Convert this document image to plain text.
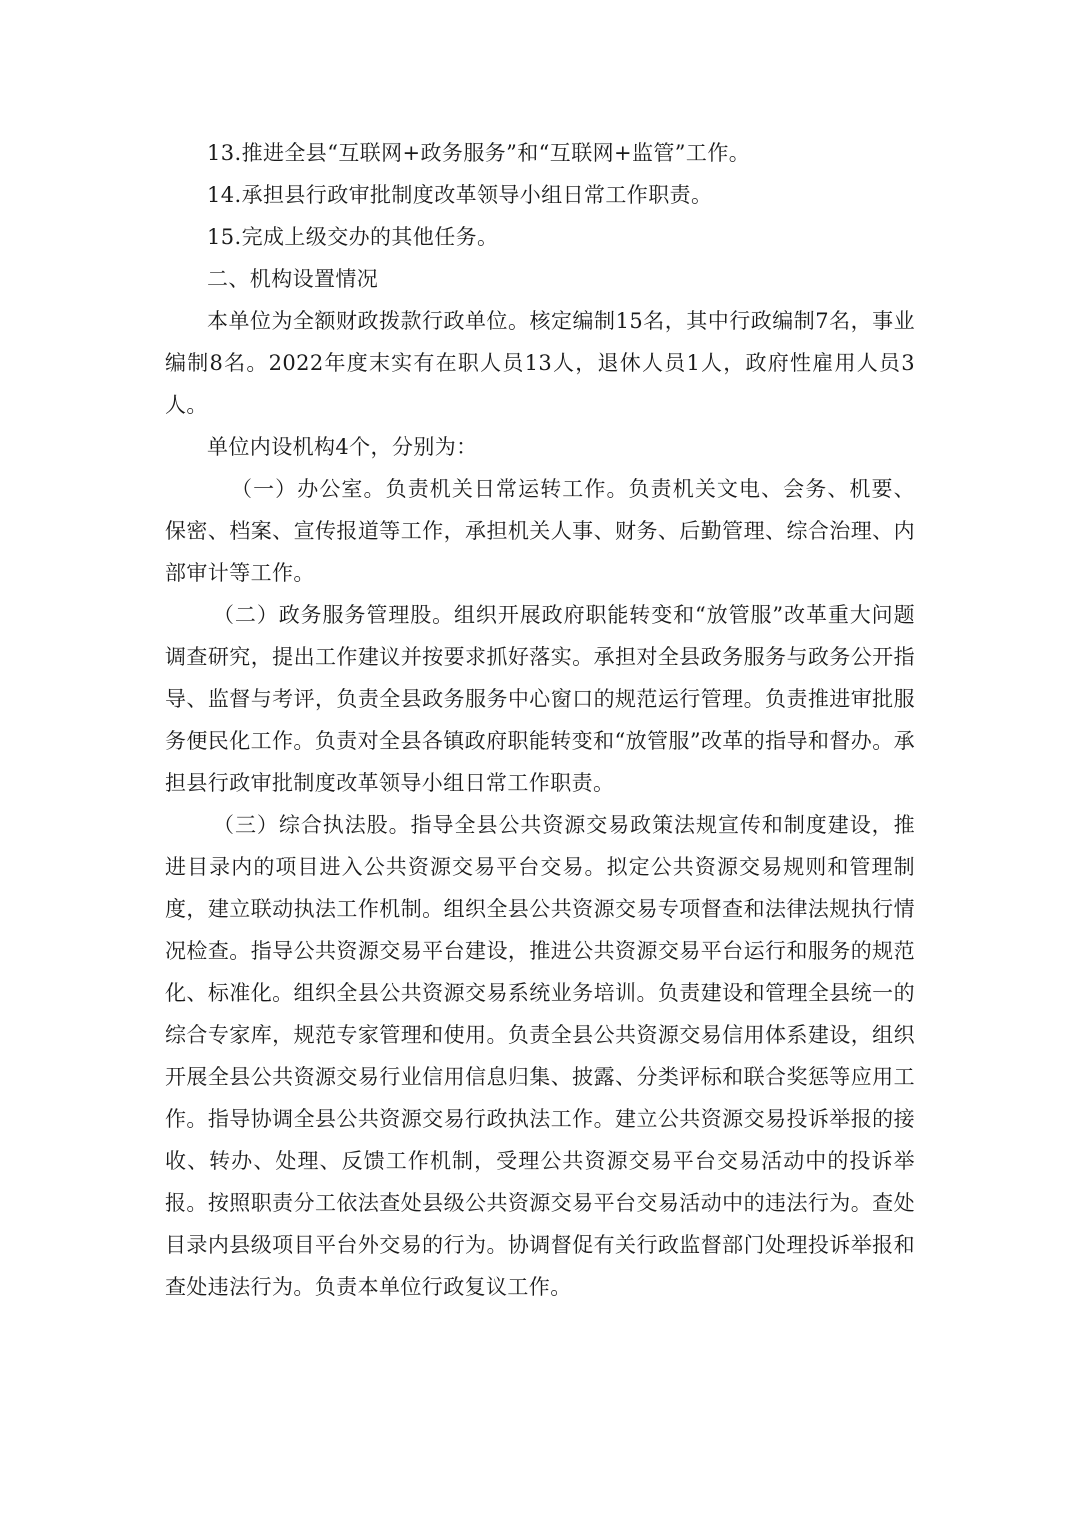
13.推进全县“互联网+政务服务”和“互联网+监管”工作。

14.承担县行政审批制度改革领导小组日常工作职责。

15.完成上级交办的其他任务。

二、机构设置情况

本单位为全额财政拨款行政单位。核定编制15名，其中行政编制7名，事业编制8名。2022年度末实有在职人员13人，退休人员1人，政府性雇用人员3人。

单位内设机构4个，分别为：

（一）办公室。负责机关日常运转工作。负责机关文电、会务、机要、保密、档案、宣传报道等工作，承担机关人事、财务、后勤管理、综合治理、内部审计等工作。

（二）政务服务管理股。组织开展政府职能转变和“放管服”改革重大问题调查研究，提出工作建议并按要求抓好落实。承担对全县政务服务与政务公开指导、监督与考评，负责全县政务服务中心窗口的规范运行管理。负责推进审批服务便民化工作。负责对全县各镇政府职能转变和“放管服”改革的指导和督办。承担县行政审批制度改革领导小组日常工作职责。

（三）综合执法股。指导全县公共资源交易政策法规宣传和制度建设，推进目录内的项目进入公共资源交易平台交易。拟定公共资源交易规则和管理制度，建立联动执法工作机制。组织全县公共资源交易专项督查和法律法规执行情况检查。指导公共资源交易平台建设，推进公共资源交易平台运行和服务的规范化、标准化。组织全县公共资源交易系统业务培训。负责建设和管理全县统一的综合专家库，规范专家管理和使用。负责全县公共资源交易信用体系建设，组织开展全县公共资源交易行业信用信息归集、披露、分类评标和联合奖惩等应用工作。指导协调全县公共资源交易行政执法工作。建立公共资源交易投诉举报的接收、转办、处理、反馈工作机制，受理公共资源交易平台交易活动中的投诉举报。按照职责分工依法查处县级公共资源交易平台交易活动中的违法行为。查处目录内县级项目平台外交易的行为。协调督促有关行政监督部门处理投诉举报和查处违法行为。负责本单位行政复议工作。
